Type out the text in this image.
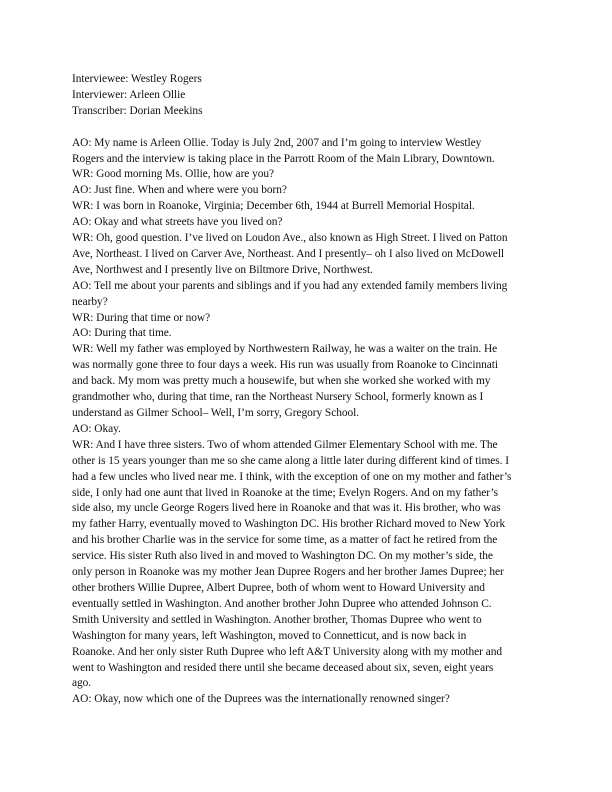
Interviewee: Westley Rogers

Interviewer: Arleen Ollie

Transcriber: Dorian Meekins

AO: My name is Arleen Ollie. Today is July 2nd, 2007 and I’m going to interview Westley
Rogers and the interview is taking place in the Parrott Room of the Main Library, Downtown.

WR: Good morning Ms. Ollie, how are you?

AO: Just fine. When and where were you born?

WR: I was born in Roanoke, Virginia; December 6th, 1944 at Burrell Memorial Hospital.

AO: Okay and what streets have you lived on?

WR: Oh, good question. I’ve lived on Loudon Ave., also known as High Street. I lived on Patton
Ave, Northeast. I lived on Carver Ave, Northeast. And I presently– oh I also lived on McDowell
Ave, Northwest and I presently live on Biltmore Drive, Northwest.

AO: Tell me about your parents and siblings and if you had any extended family members living
nearby?

WR: During that time or now?

AO: During that time.

WR: Well my father was employed by Northwestern Railway, he was a waiter on the train. He
was normally gone three to four days a week. His run was usually from Roanoke to Cincinnati
and back. My mom was pretty much a housewife, but when she worked she worked with my
grandmother who, during that time, ran the Northeast Nursery School, formerly known as I
understand as Gilmer School– Well, I’m sorry, Gregory School.

AO: Okay.

WR: And I have three sisters. Two of whom attended Gilmer Elementary School with me. The
other is 15 years younger than me so she came along a little later during different kind of times. I
had a few uncles who lived near me. I think, with the exception of one on my mother and father’s
side, I only had one aunt that lived in Roanoke at the time; Evelyn Rogers. And on my father’s
side also, my uncle George Rogers lived here in Roanoke and that was it. His brother, who was
my father Harry, eventually moved to Washington DC. His brother Richard moved to New York
and his brother Charlie was in the service for some time, as a matter of fact he retired from the
service. His sister Ruth also lived in and moved to Washington DC. On my mother’s side, the
only person in Roanoke was my mother Jean Dupree Rogers and her brother James Dupree; her
other brothers Willie Dupree, Albert Dupree, both of whom went to Howard University and
eventually settled in Washington. And another brother John Dupree who attended Johnson C.
Smith University and settled in Washington. Another brother, Thomas Dupree who went to
Washington for many years, left Washington, moved to Connetticut, and is now back in
Roanoke. And her only sister Ruth Dupree who left A&T University along with my mother and
went to Washington and resided there until she became deceased about six, seven, eight years
ago.

AO: Okay, now which one of the Duprees was the internationally renowned singer?
